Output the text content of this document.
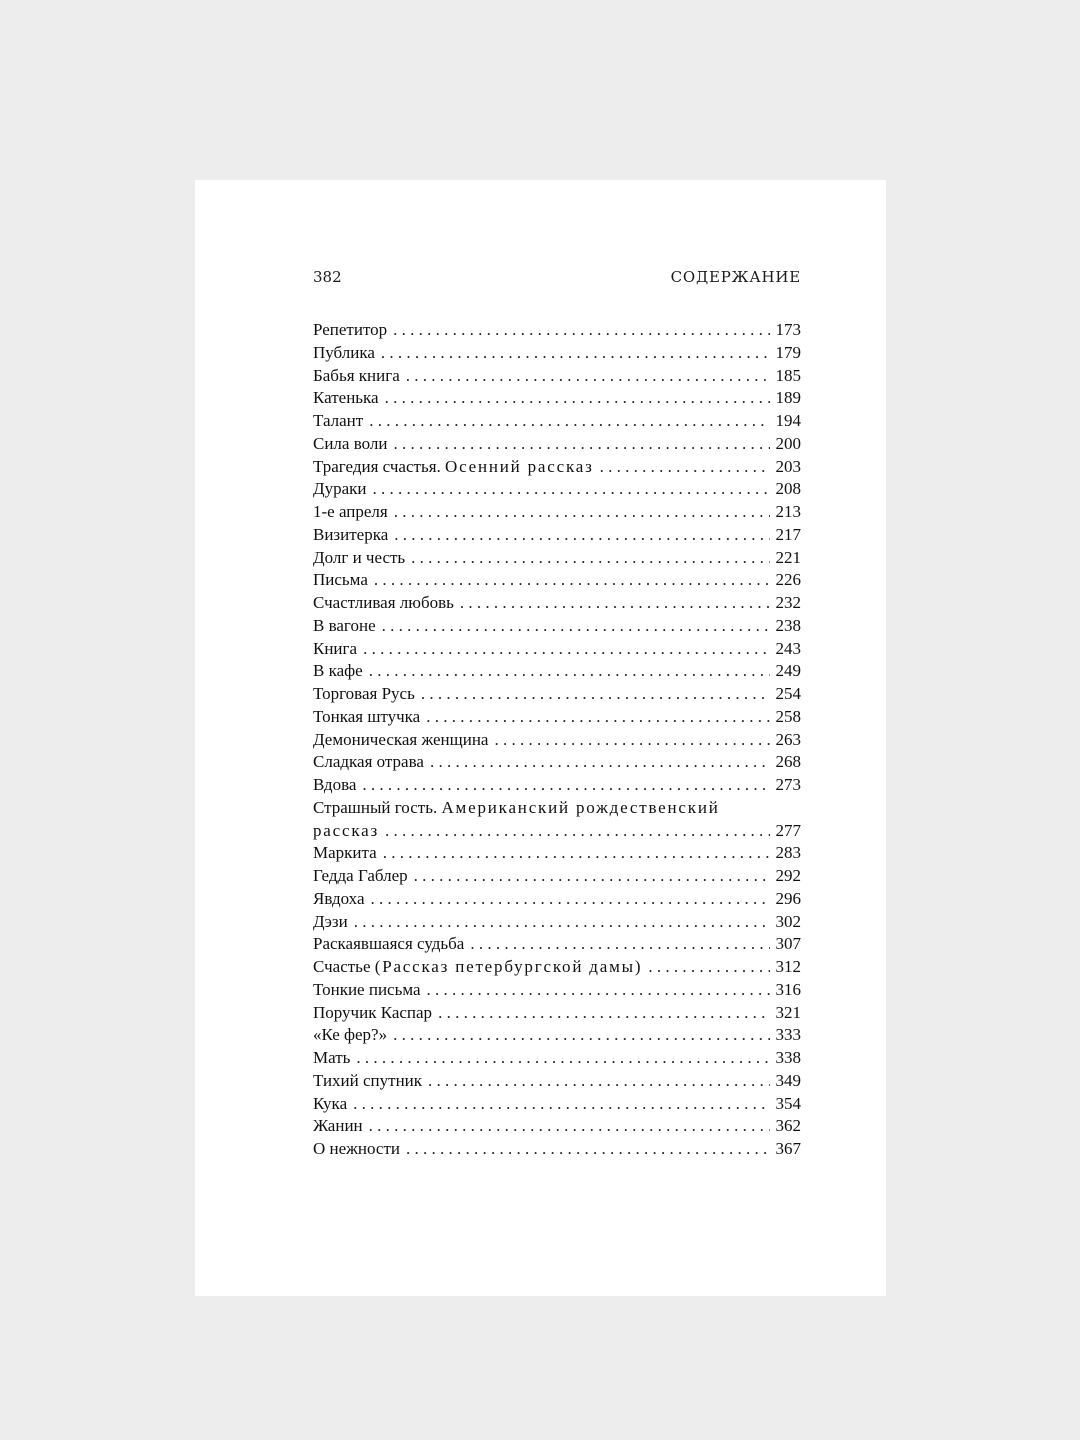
382	СОДЕРЖАНИЕ
Репетитор . . .	173
Публика . . .	179
Бабья книга . . .	185
Катенька . . .	189
Талант . . .	194
Сила воли . . .	200
Трагедия счастья. Осенний рассказ . . .	203
Дураки . . .	208
1-е апреля . . .	213
Визитерка . . .	217
Долг и честь . . .	221
Письма . . .	226
Счастливая любовь . . .	232
В вагоне . . .	238
Книга . . .	243
В кафе . . .	249
Торговая Русь . . .	254
Тонкая штучка . . .	258
Демоническая женщина . . .	263
Сладкая отрава . . .	268
Вдова . . .	273
Страшный гость. Американский рождественский
рассказ . . .	277
Маркита . . .	283
Гедда Габлер . . .	292
Явдоха . . .	296
Дэзи . . .	302
Раскаявшаяся судьба . . .	307
Счастье (Рассказ петербургской дамы) . . .	312
Тонкие письма . . .	316
Поручик Каспар . . .	321
«Ке фер?» . . .	333
Мать . . .	338
Тихий спутник . . .	349
Кука . . .	354
Жанин . . .	362
О нежности . . .	367
